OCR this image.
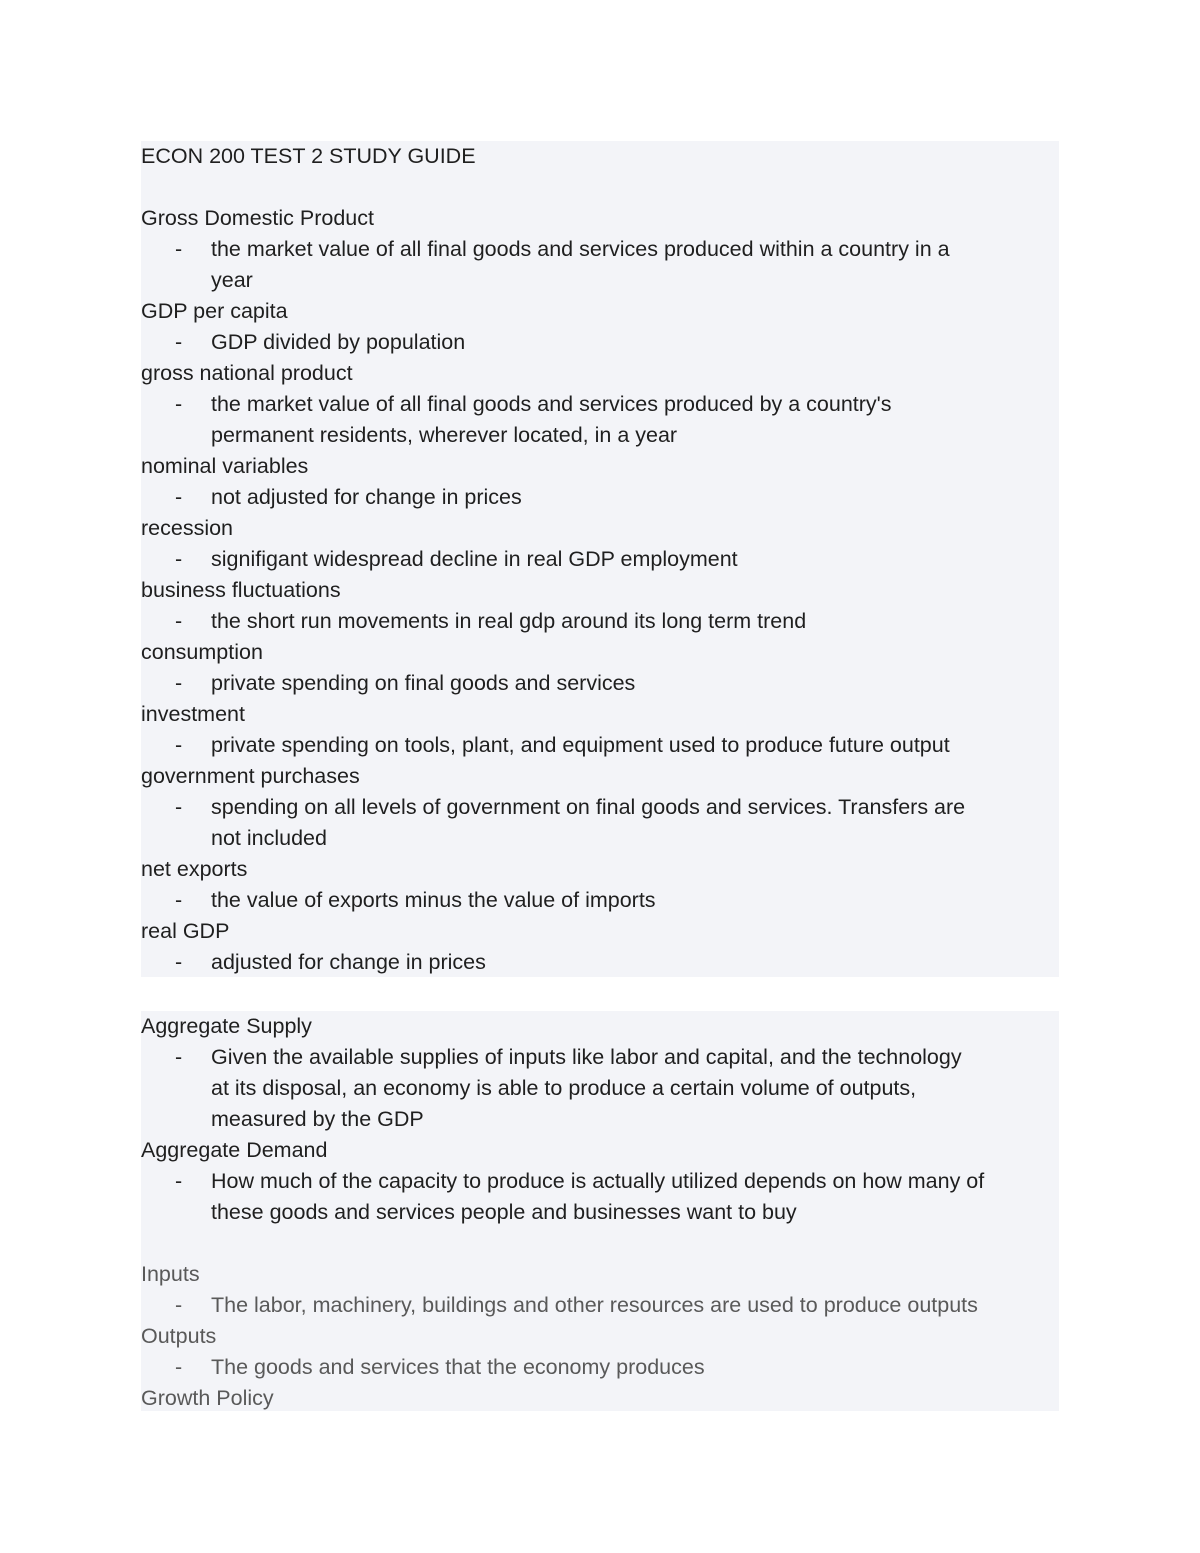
ECON 200 TEST 2 STUDY GUIDE
Gross Domestic Product
- the market value of all final goods and services produced within a country in a
year
GDP per capita
- GDP divided by population
gross national product
- the market value of all final goods and services produced by a country's
permanent residents, wherever located, in a year
nominal variables
- not adjusted for change in prices
recession
- signifigant widespread decline in real GDP employment
business fluctuations
- the short run movements in real gdp around its long term trend
consumption
- private spending on final goods and services
investment
- private spending on tools, plant, and equipment used to produce future output
government purchases
- spending on all levels of government on final goods and services. Transfers are
not included
net exports
- the value of exports minus the value of imports
real GDP
- adjusted for change in prices
Aggregate Supply
- Given the available supplies of inputs like labor and capital, and the technology
at its disposal, an economy is able to produce a certain volume of outputs,
measured by the GDP
Aggregate Demand
- How much of the capacity to produce is actually utilized depends on how many of
these goods and services people and businesses want to buy
Inputs
- The labor, machinery, buildings and other resources are used to produce outputs
Outputs
- The goods and services that the economy produces
Growth Policy
